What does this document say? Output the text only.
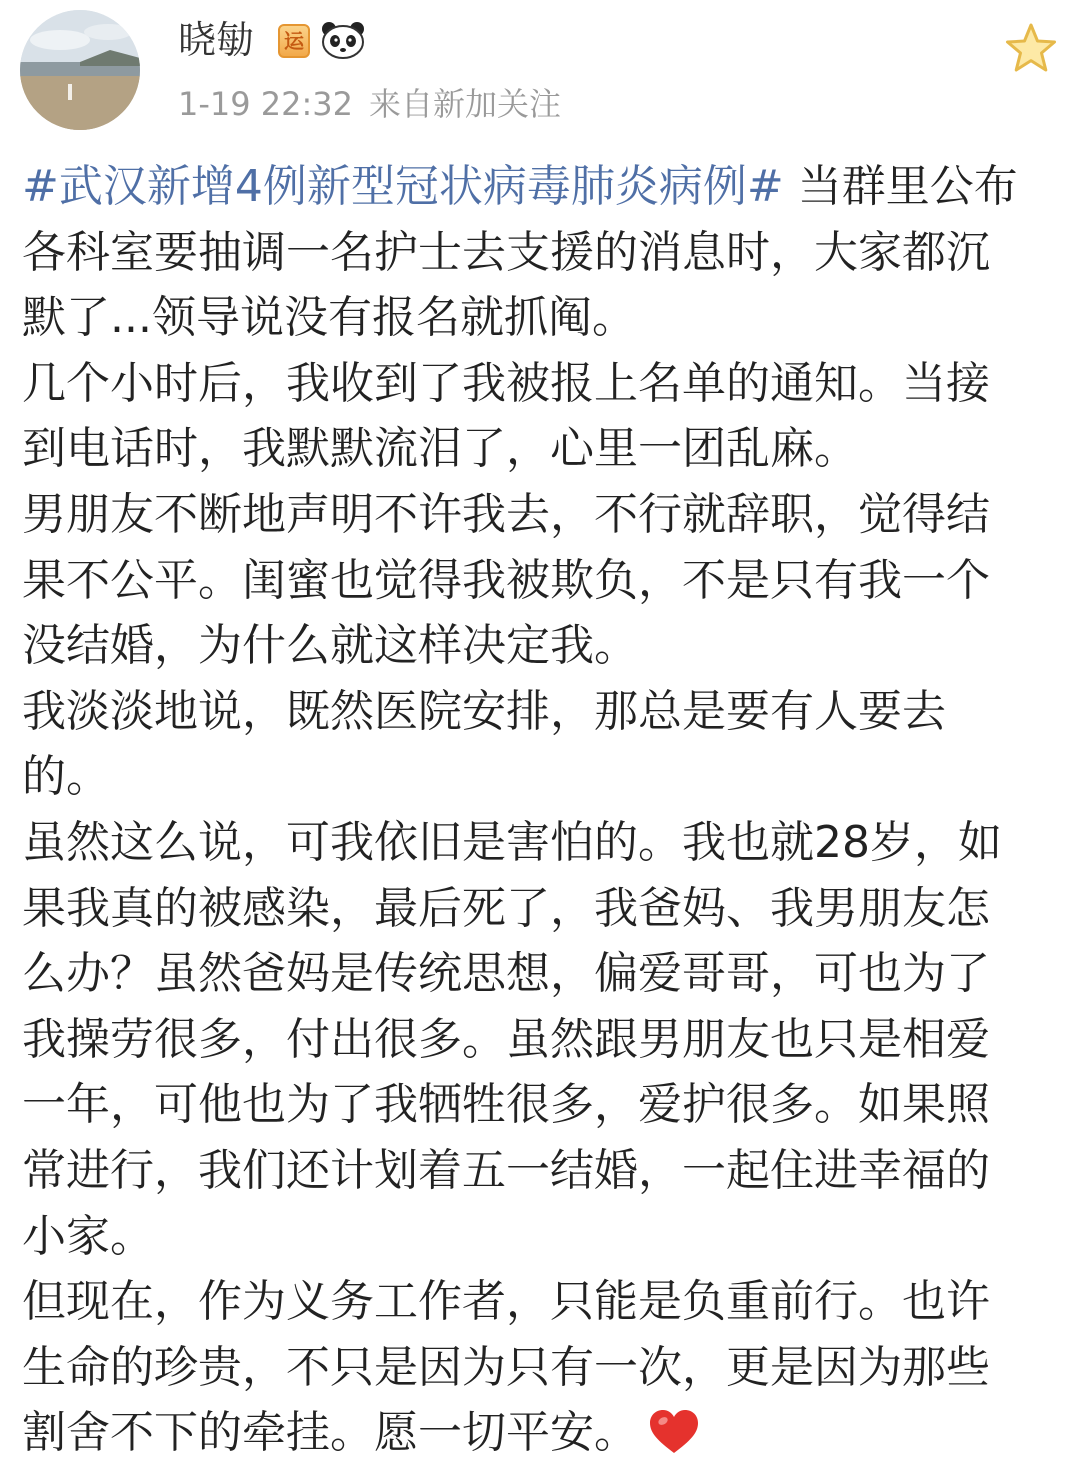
晓勄	运
1-19 22:32 来自新加关注
#武汉新增4例新型冠状病毒肺炎病例# 当群里公布
各科室要抽调一名护士去支援的消息时，大家都沉
默了...领导说没有报名就抓阄。
几个小时后，我收到了我被报上名单的通知。当接
到电话时，我默默流泪了，心里一团乱麻。
男朋友不断地声明不许我去，不行就辞职，觉得结
果不公平。闺蜜也觉得我被欺负，不是只有我一个
没结婚，为什么就这样决定我。
我淡淡地说，既然医院安排，那总是要有人要去
的。
虽然这么说，可我依旧是害怕的。我也就28岁，如
果我真的被感染，最后死了，我爸妈、我男朋友怎
么办？虽然爸妈是传统思想，偏爱哥哥，可也为了
我操劳很多，付出很多。虽然跟男朋友也只是相爱
一年，可他也为了我牺牲很多，爱护很多。如果照
常进行，我们还计划着五一结婚，一起住进幸福的
小家。
但现在，作为义务工作者，只能是负重前行。也许
生命的珍贵，不只是因为只有一次，更是因为那些
割舍不下的牵挂。愿一切平安。
